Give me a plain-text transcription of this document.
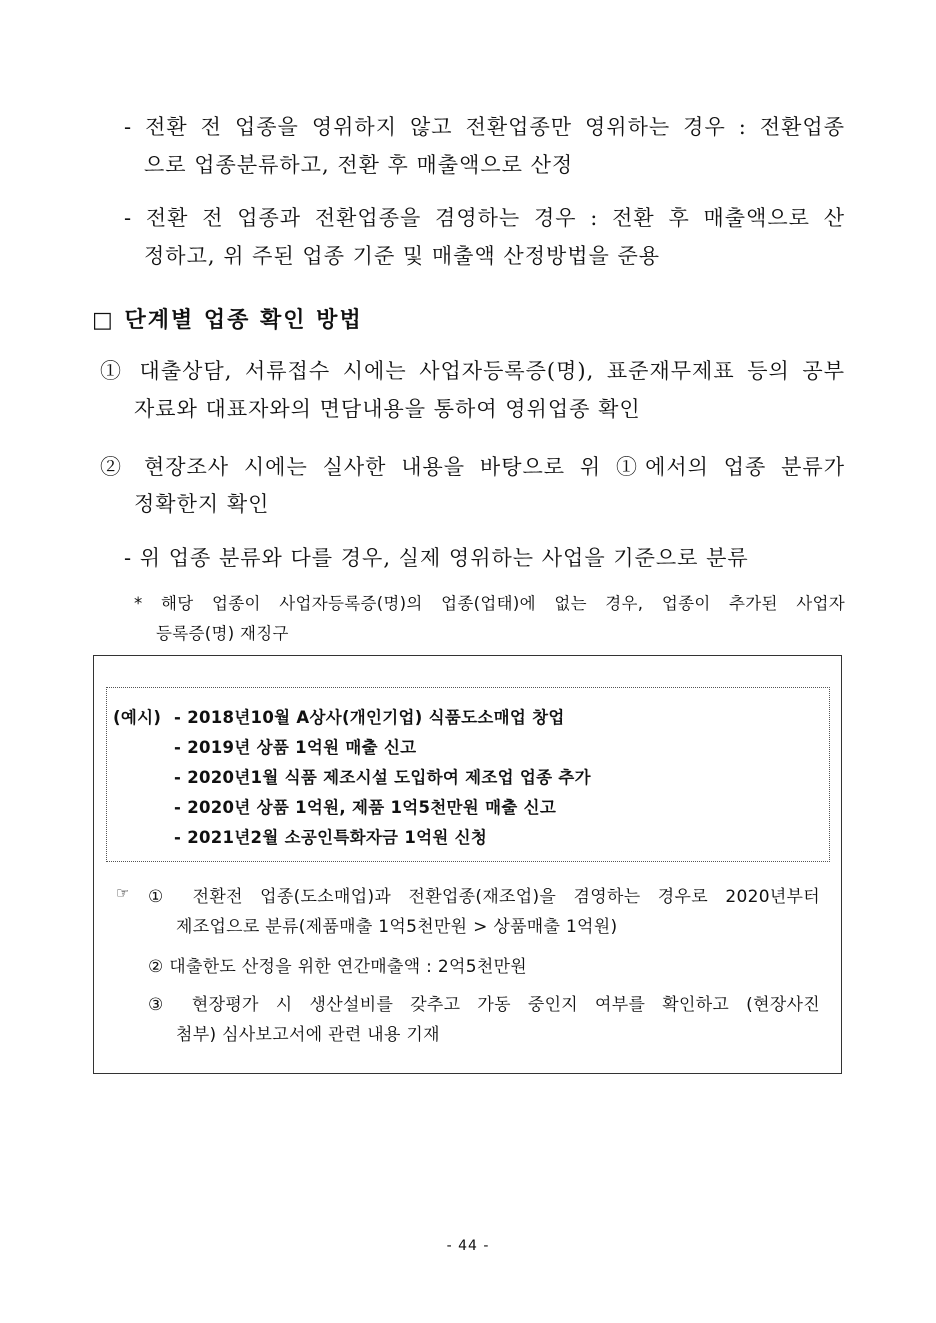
- 전환 전 업종을 영위하지 않고 전환업종만 영위하는 경우 : 전환업종
으로 업종분류하고, 전환 후 매출액으로 산정
- 전환 전 업종과 전환업종을 겸영하는 경우 : 전환 후 매출액으로 산
정하고, 위 주된 업종 기준 및 매출액 산정방법을 준용
□ 단계별 업종 확인 방법
① 대출상담, 서류접수 시에는 사업자등록증(명), 표준재무제표 등의 공부
자료와 대표자와의 면담내용을 통하여 영위업종 확인
② 현장조사 시에는 실사한 내용을 바탕으로 위 ①에서의 업종 분류가
정확한지 확인
- 위 업종 분류와 다를 경우, 실제 영위하는 사업을 기준으로 분류
* 해당 업종이 사업자등록증(명)의 업종(업태)에 없는 경우, 업종이 추가된 사업자
등록증(명) 재징구
(예시) - 2018년10월 A상사(개인기업) 식품도소매업 창업
- 2019년 상품 1억원 매출 신고
- 2020년1월 식품 제조시설 도입하여 제조업 업종 추가
- 2020년 상품 1억원, 제품 1억5천만원 매출 신고
- 2021년2월 소공인특화자금 1억원 신청
☞ ① 전환전 업종(도소매업)과 전환업종(재조업)을 겸영하는 경우로 2020년부터
제조업으로 분류(제품매출 1억5천만원 > 상품매출 1억원)
② 대출한도 산정을 위한 연간매출액 : 2억5천만원
③ 현장평가 시 생산설비를 갖추고 가동 중인지 여부를 확인하고 (현장사진
첨부) 심사보고서에 관련 내용 기재
- 44 -
